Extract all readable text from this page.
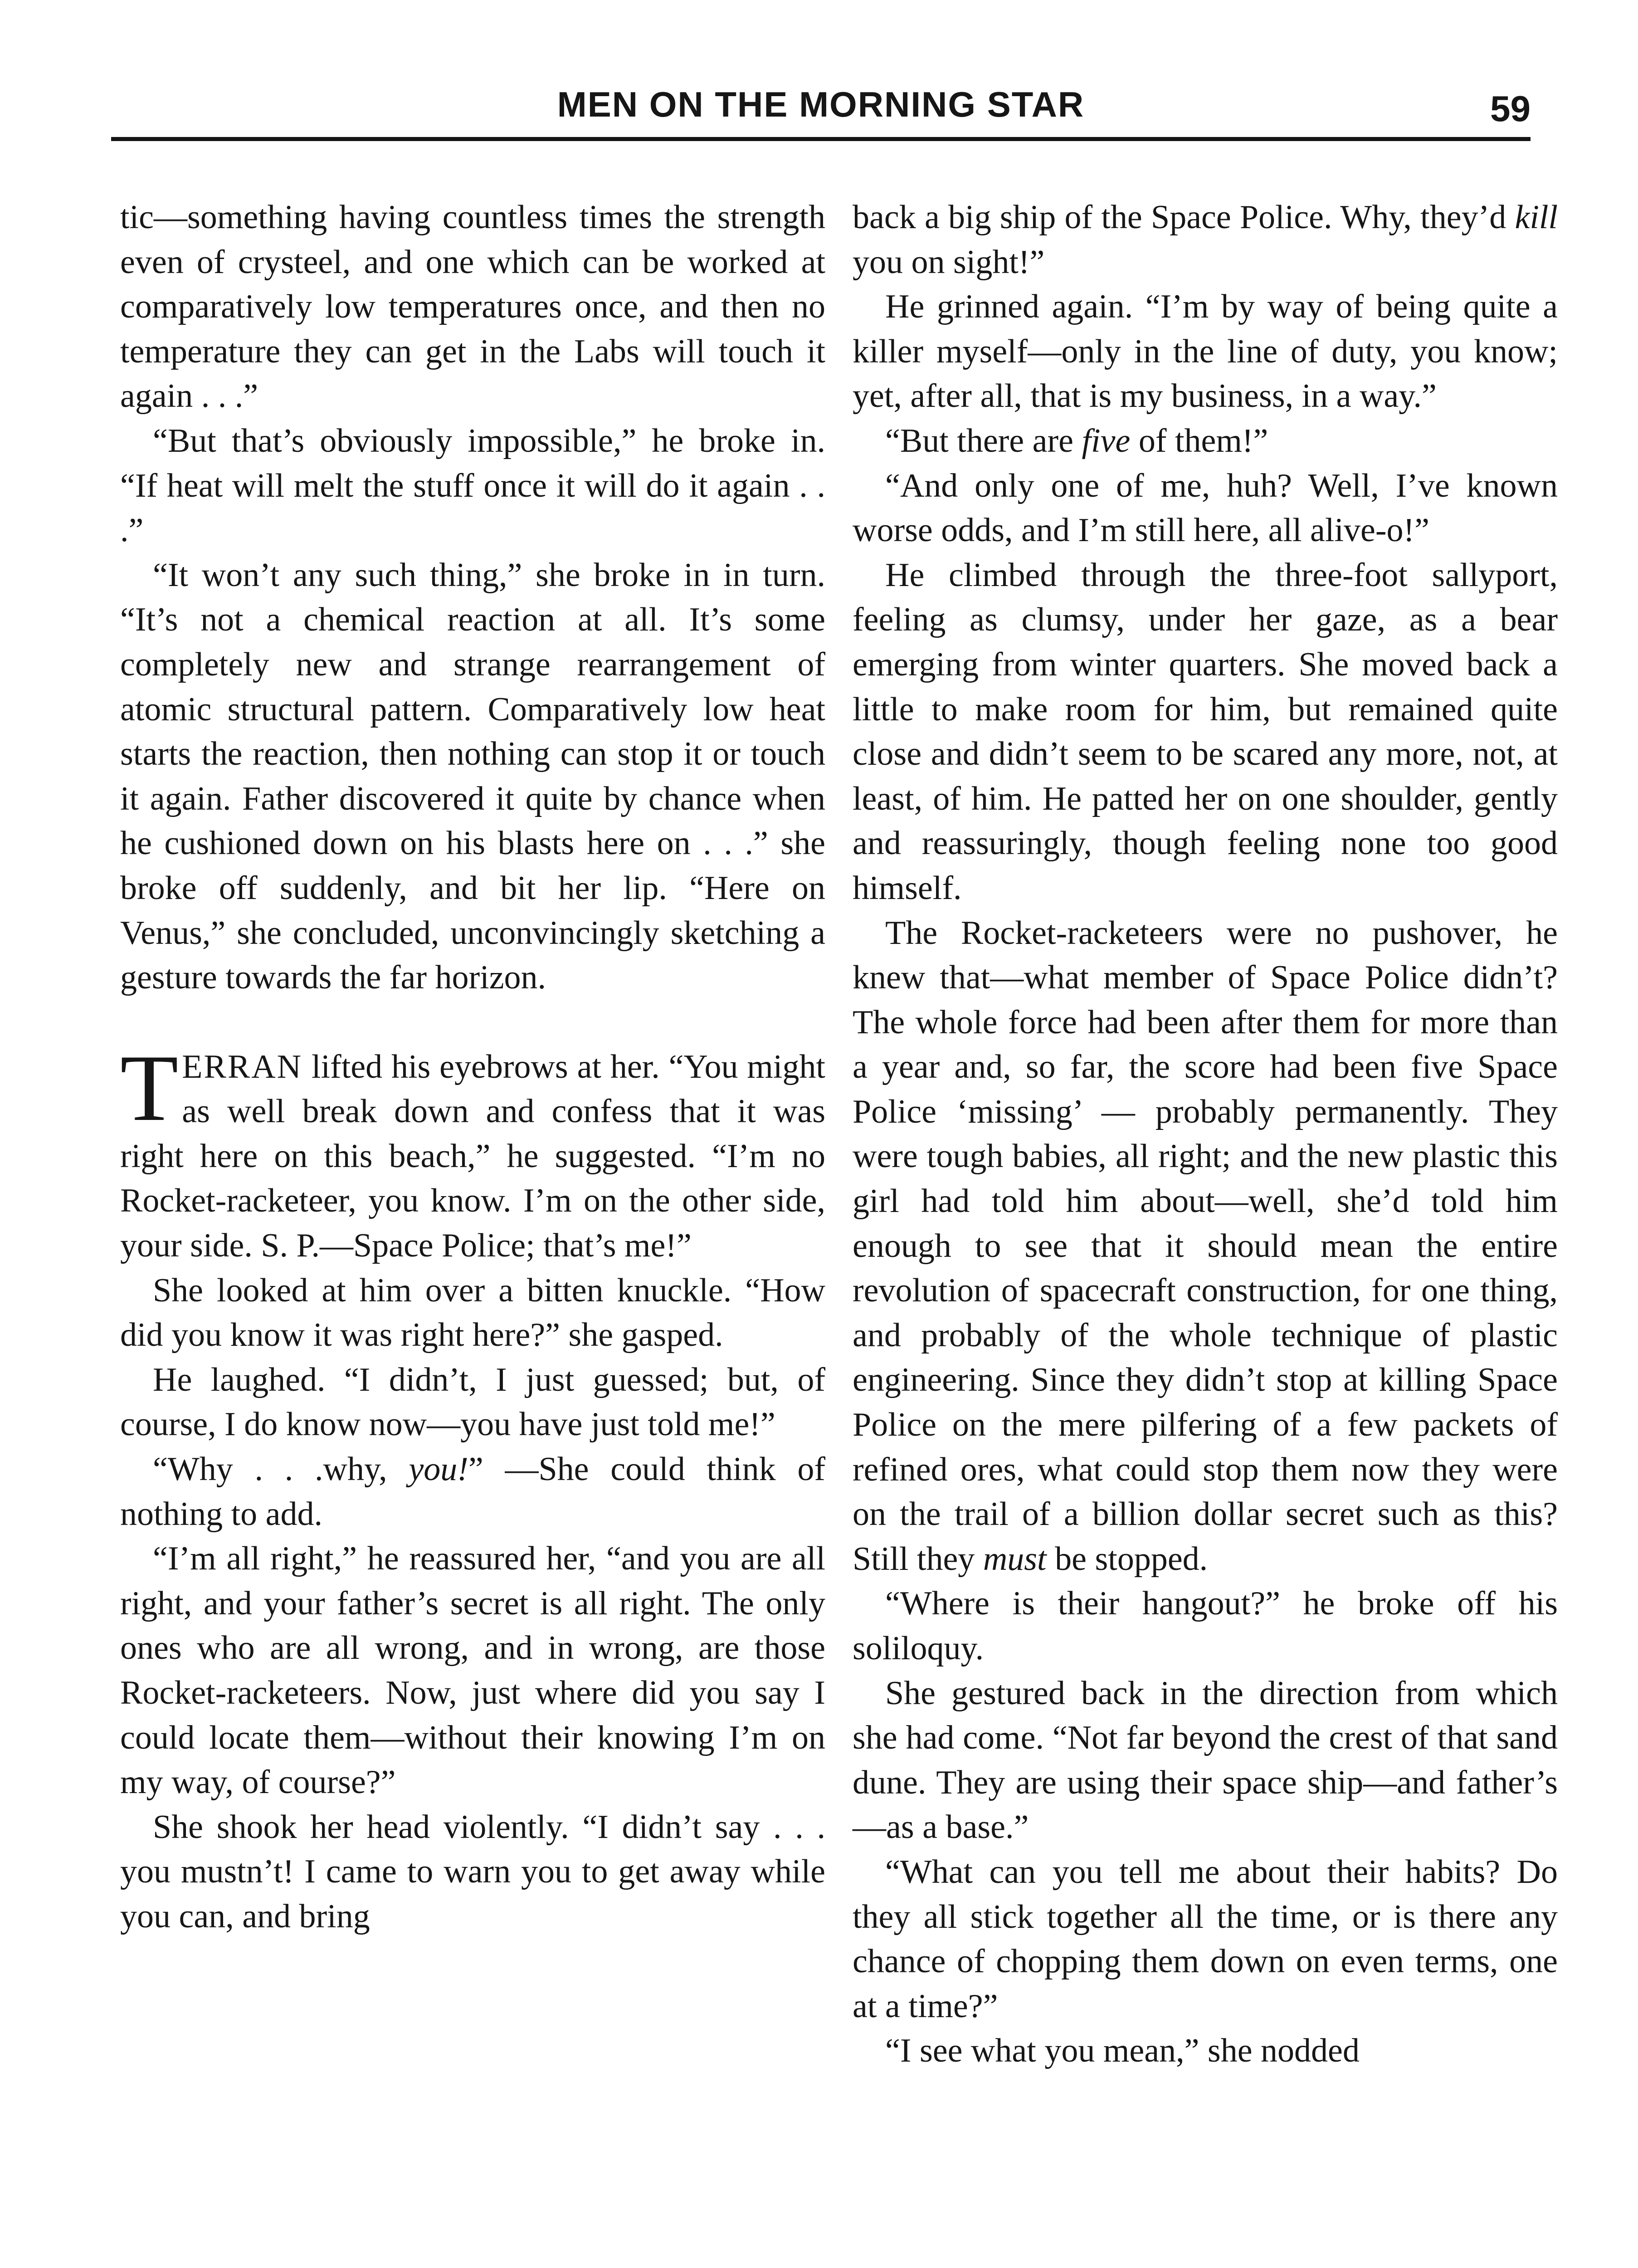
MEN ON THE MORNING STAR	59

tic—something having countless times the strength even of crysteel, and one which can be worked at comparatively low temperatures once, and then no temperature they can get in the Labs will touch it again . . .”

“But that’s obviously impossible,” he broke in. “If heat will melt the stuff once it will do it again . . .”

“It won’t any such thing,” she broke in in turn. “It’s not a chemical reaction at all. It’s some completely new and strange rearrangement of atomic structural pattern. Comparatively low heat starts the reaction, then nothing can stop it or touch it again. Father discovered it quite by chance when he cushioned down on his blasts here on . . .” she broke off suddenly, and bit her lip. “Here on Venus,” she concluded, unconvincingly sketching a gesture towards the far horizon.

TERRAN lifted his eyebrows at her. “You might as well break down and confess that it was right here on this beach,” he suggested. “I’m no Rocket-racketeer, you know. I’m on the other side, your side. S. P.—Space Police; that’s me!”

She looked at him over a bitten knuckle. “How did you know it was right here?” she gasped.

He laughed. “I didn’t, I just guessed; but, of course, I do know now—you have just told me!”

“Why . . .why, you!” —She could think of nothing to add.

“I’m all right,” he reassured her, “and you are all right, and your father’s secret is all right. The only ones who are all wrong, and in wrong, are those Rocket-racketeers. Now, just where did you say I could locate them—without their knowing I’m on my way, of course?”

She shook her head violently. “I didn’t say . . . you mustn’t! I came to warn you to get away while you can, and bring

back a big ship of the Space Police. Why, they’d kill you on sight!”

He grinned again. “I’m by way of being quite a killer myself—only in the line of duty, you know; yet, after all, that is my business, in a way.”

“But there are five of them!”

“And only one of me, huh? Well, I’ve known worse odds, and I’m still here, all alive-o!”

He climbed through the three-foot sallyport, feeling as clumsy, under her gaze, as a bear emerging from winter quarters. She moved back a little to make room for him, but remained quite close and didn’t seem to be scared any more, not, at least, of him. He patted her on one shoulder, gently and reassuringly, though feeling none too good himself.

The Rocket-racketeers were no pushover, he knew that—what member of Space Police didn’t? The whole force had been after them for more than a year and, so far, the score had been five Space Police ‘missing’ — probably permanently. They were tough babies, all right; and the new plastic this girl had told him about—well, she’d told him enough to see that it should mean the entire revolution of spacecraft construction, for one thing, and probably of the whole technique of plastic engineering. Since they didn’t stop at killing Space Police on the mere pilfering of a few packets of refined ores, what could stop them now they were on the trail of a billion dollar secret such as this? Still they must be stopped.

“Where is their hangout?” he broke off his soliloquy.

She gestured back in the direction from which she had come. “Not far beyond the crest of that sand dune. They are using their space ship—and father’s—as a base.”

“What can you tell me about their habits? Do they all stick together all the time, or is there any chance of chopping them down on even terms, one at a time?”

“I see what you mean,” she nodded
